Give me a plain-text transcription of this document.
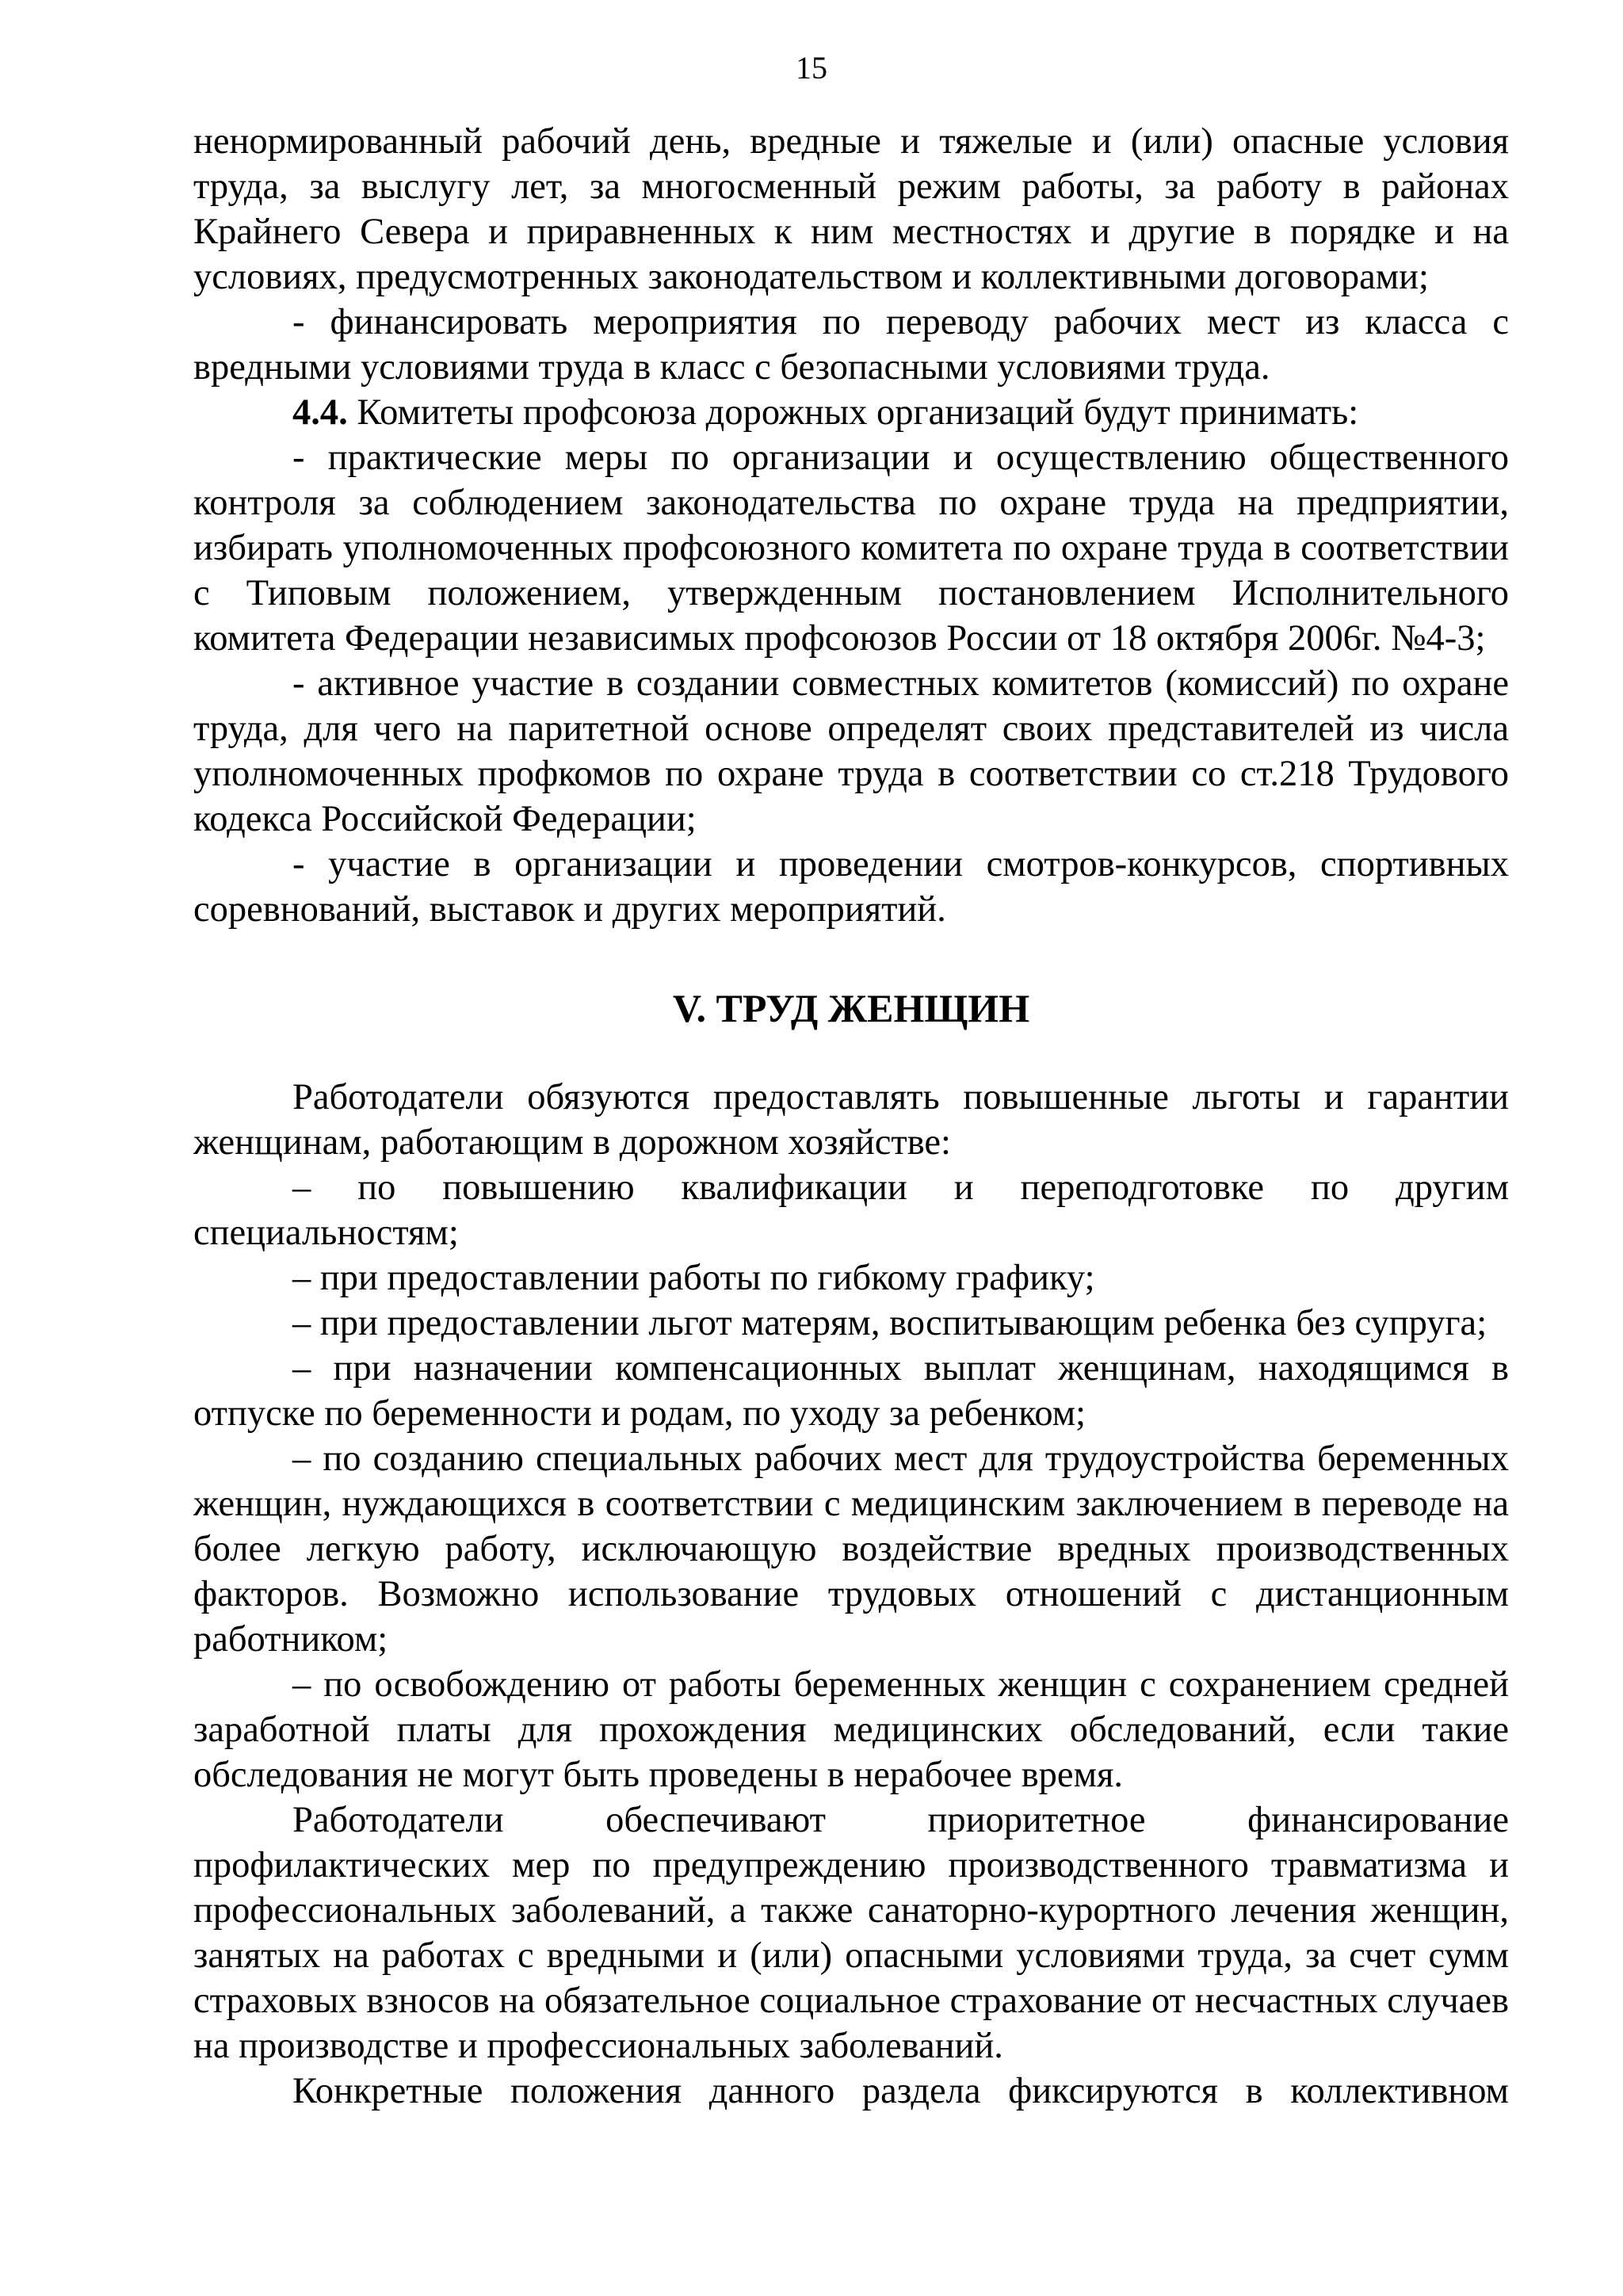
15

ненормированный рабочий день, вредные и тяжелые и (или) опасные условия труда, за выслугу лет, за многосменный режим работы, за работу в районах Крайнего Севера и приравненных к ним местностях и другие в порядке и на условиях, предусмотренных законодательством и коллективными договорами;

- финансировать мероприятия по переводу рабочих мест из класса с вредными условиями труда в класс с безопасными условиями труда.

4.4. Комитеты профсоюза дорожных организаций будут принимать:

- практические меры по организации и осуществлению общественного контроля за соблюдением законодательства по охране труда на предприятии, избирать уполномоченных профсоюзного комитета по охране труда в соответствии с Типовым положением, утвержденным постановлением Исполнительного комитета Федерации независимых профсоюзов России от 18 октября 2006г. №4-3;

- активное участие в создании совместных комитетов (комиссий) по охране труда, для чего на паритетной основе определят своих представителей из числа уполномоченных профкомов по охране труда в соответствии со ст.218 Трудового кодекса Российской Федерации;

- участие в организации и проведении смотров-конкурсов, спортивных соревнований, выставок и других мероприятий.

V. ТРУД ЖЕНЩИН

Работодатели обязуются предоставлять повышенные льготы и гарантии женщинам, работающим в дорожном хозяйстве:

– по повышению квалификации и переподготовке по другим специальностям;

– при предоставлении работы по гибкому графику;

– при предоставлении льгот матерям, воспитывающим ребенка без супруга;

– при назначении компенсационных выплат женщинам, находящимся в отпуске по беременности и родам, по уходу за ребенком;

– по созданию специальных рабочих мест для трудоустройства беременных женщин, нуждающихся в соответствии с медицинским заключением в переводе на более легкую работу, исключающую воздействие вредных производственных факторов. Возможно использование трудовых отношений с дистанционным работником;

– по освобождению от работы беременных женщин с сохранением средней заработной платы для прохождения медицинских обследований, если такие обследования не могут быть проведены в нерабочее время.

Работодатели обеспечивают приоритетное финансирование профилактических мер по предупреждению производственного травматизма и профессиональных заболеваний, а также санаторно-курортного лечения женщин, занятых на работах с вредными и (или) опасными условиями труда, за счет сумм страховых взносов на обязательное социальное страхование от несчастных случаев на производстве и профессиональных заболеваний.

Конкретные положения данного раздела фиксируются в коллективном
